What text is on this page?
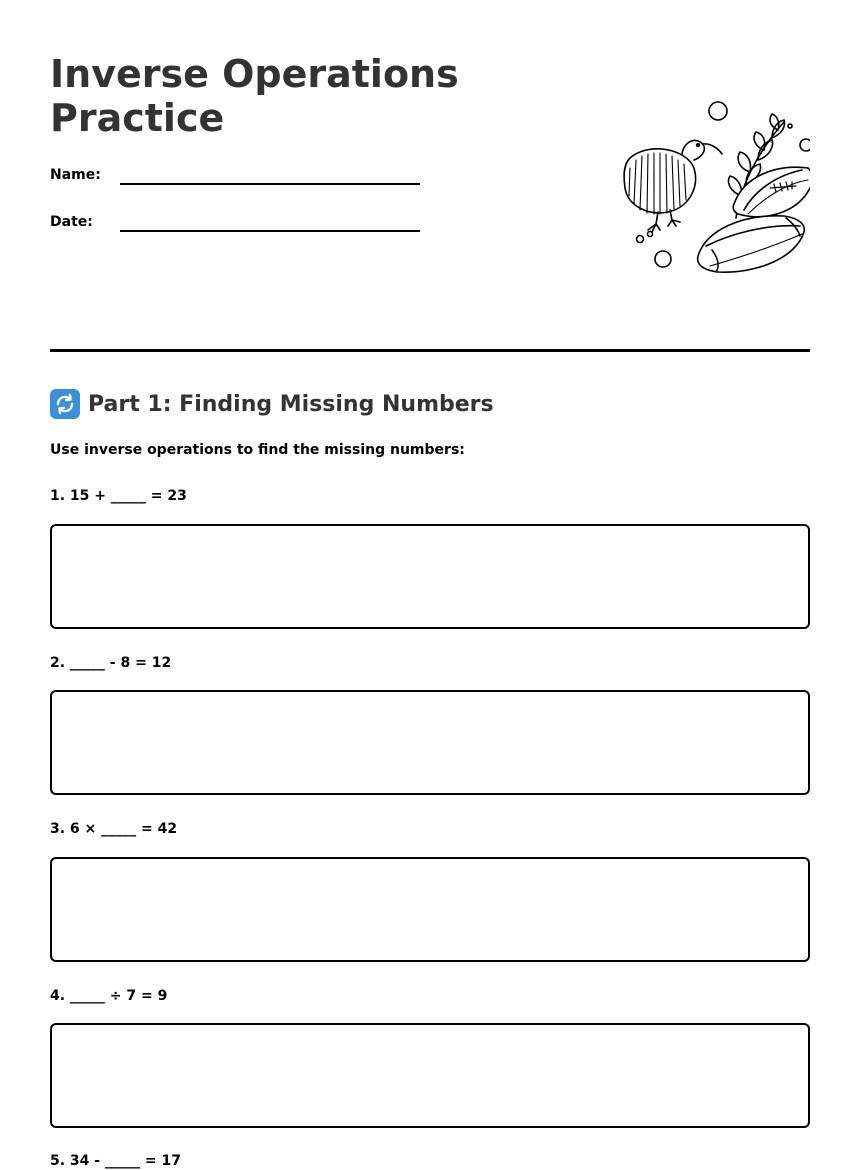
Inverse Operations
Practice
Name:
Date:
Part 1: Finding Missing Numbers
Use inverse operations to find the missing numbers:
1. 15 + _____ = 23
2. _____ - 8 = 12
3. 6 × _____ = 42
4. _____ ÷ 7 = 9
5. 34 - _____ = 17
